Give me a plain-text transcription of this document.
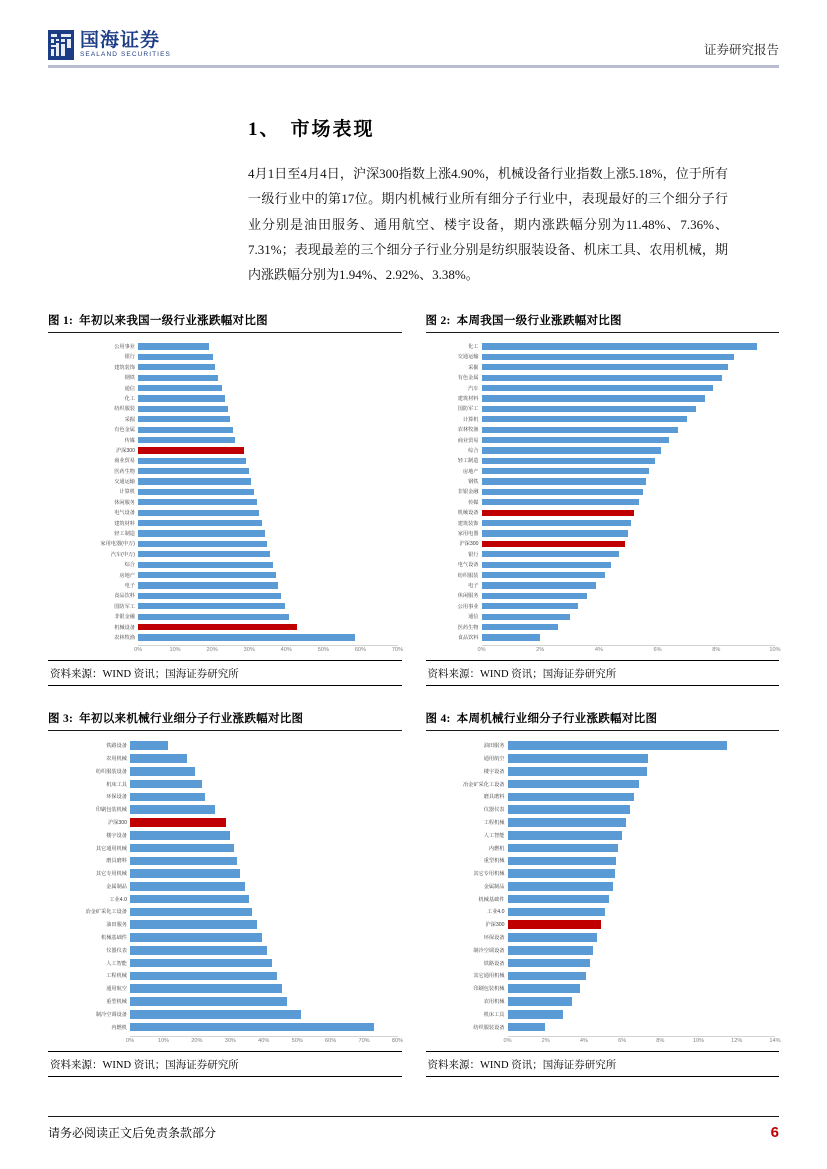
国海证券
SEALAND SECURITIES	证券研究报告
1、 市场表现
4月1日至4月4日，沪深300指数上涨4.90%，机械设备行业指数上涨5.18%，位于所有一级行业中的第17位。期内机械行业所有细分子行业中，表现最好的三个细分子行业分别是油田服务、通用航空、楼宇设备，期内涨跌幅分别为11.48%、7.36%、7.31%；表现最差的三个细分子行业分别是纺织服装设备、机床工具、农用机械，期内涨跌幅分别为1.94%、2.92%、3.38%。
图 1: 年初以来我国一级行业涨跌幅对比图
公用事业
银行
建筑装饰
钢铁
通信
化工
纺织服装
采掘
有色金属
传媒
沪深300
商业贸易
医药生物
交通运输
计算机
休闲服务
电气设备
建筑材料
轻工制造
家用电器(申万)
汽车(申万)
综合
房地产
电子
食品饮料
国防军工
非银金融
机械设备
农林牧渔
0%	10%	20%	30%	40%	50%	60%	70%
资料来源：WIND 资讯；国海证券研究所
图 2: 本周我国一级行业涨跌幅对比图
化工
交通运输
采掘
有色金属
汽车
建筑材料
国防军工
计算机
农林牧渔
商业贸易
综合
轻工制造
房地产
钢铁
非银金融
传媒
机械设备
建筑装饰
家用电器
沪深300
银行
电气设备
纺织服装
电子
休闲服务
公用事业
通信
医药生物
食品饮料
0%	2%	4%	6%	8%	10%
资料来源：WIND 资讯；国海证券研究所
图 3: 年初以来机械行业细分子行业涨跌幅对比图
铁路设备
农用机械
纺织服装设备
机床工具
环保设备
印刷包装机械
沪深300
楼宇设备
其它通用机械
磨具磨料
其它专用机械
金属制品
工业4.0
冶金矿采化工设备
油田服务
机械基础件
仪器仪表
人工智能
工程机械
通用航空
重型机械
制冷空调设备
内燃机
0%	10%	20%	30%	40%	50%	60%	70%	80%
资料来源：WIND 资讯；国海证券研究所
图 4: 本周机械行业细分子行业涨跌幅对比图
油田服务
通用航空
楼宇设备
冶金矿采化工设备
磨具磨料
仪器仪表
工程机械
人工智能
内燃机
重型机械
其它专用机械
金属制品
机械基础件
工业4.0
沪深300
环保设备
制冷空调设备
铁路设备
其它通用机械
印刷包装机械
农用机械
机床工具
纺织服装设备
0%	2%	4%	6%	8%	10%	12%	14%
资料来源：WIND 资讯；国海证券研究所
请务必阅读正文后免责条款部分	6
